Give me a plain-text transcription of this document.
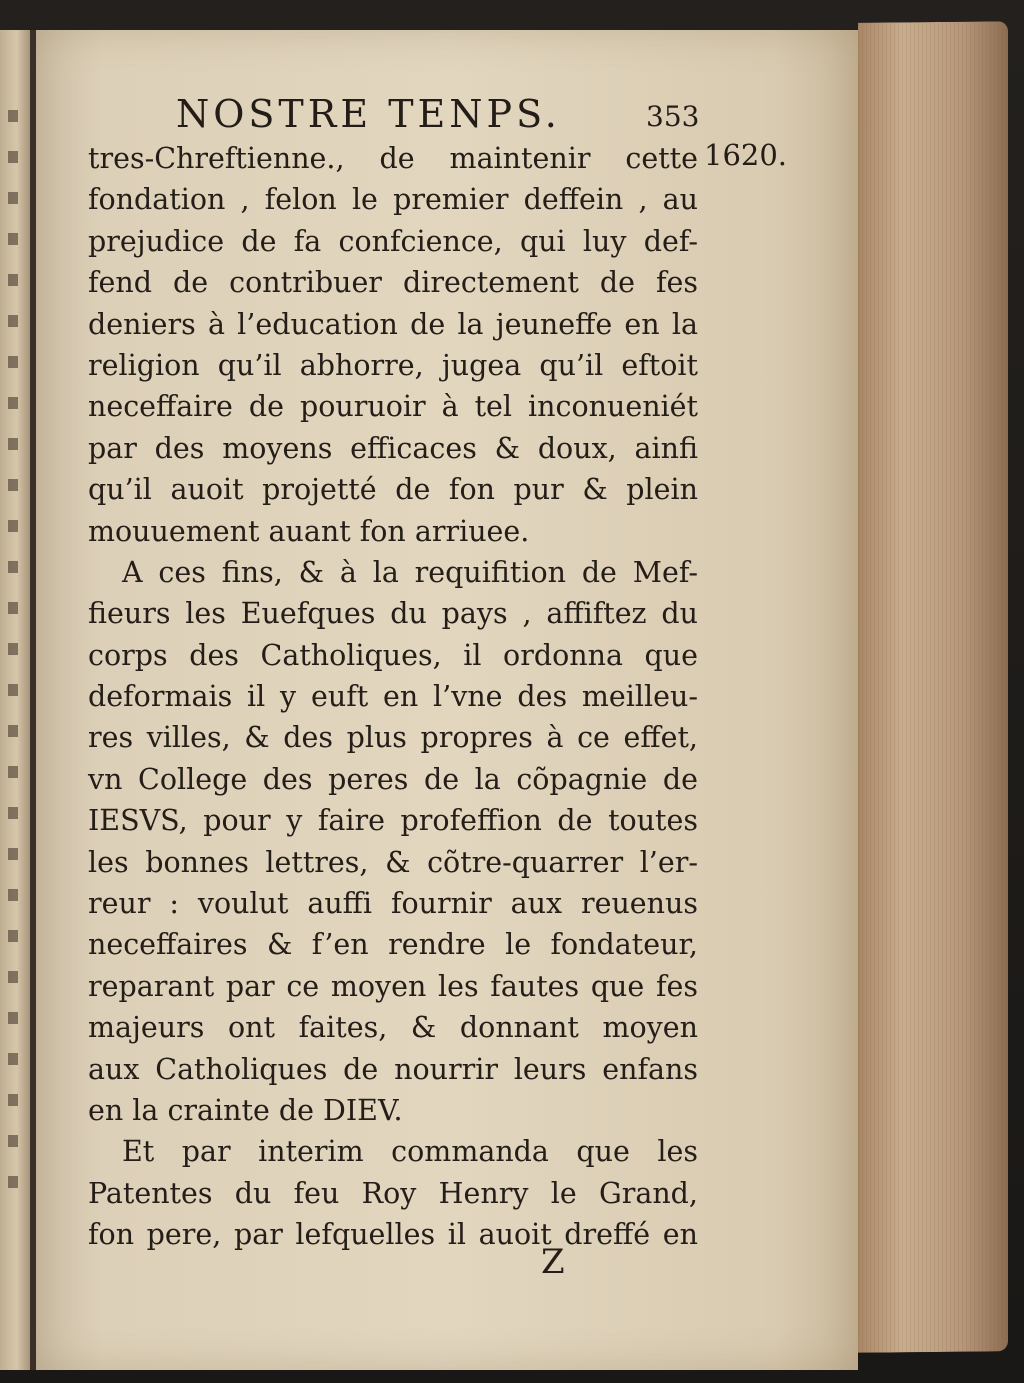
NOSTRE TENPS.	353
1620.
tres-Chreftienne., de maintenir cette
fondation , felon le premier deffein , au
prejudice de fa confcience, qui luy def-
fend de contribuer directement de fes
deniers à l’education de la jeuneffe en la
religion qu’il abhorre, jugea qu’il eftoit
neceffaire de pouruoir à tel inconueniét
par des moyens efficaces & doux, ainfi
qu’il auoit projetté de fon pur & plein
mouuement auant fon arriuee.
A ces fins, & à la requifition de Mef-
fieurs les Euefques du pays , affiftez du
corps des Catholiques, il ordonna que
deformais il y euft en l’vne des meilleu-
res villes, & des plus propres à ce effet,
vn College des peres de la cõpagnie de
IESVS, pour y faire profeffion de toutes
les bonnes lettres, & cõtre-quarrer l’er-
reur : voulut auffi fournir aux reuenus
neceffaires & f’en rendre le fondateur,
reparant par ce moyen les fautes que fes
majeurs ont faites, & donnant moyen
aux Catholiques de nourrir leurs enfans
en la crainte de DIEV.
Et par interim commanda que les
Patentes du feu Roy Henry le Grand,
fon pere, par lefquelles il auoit dreffé en
Z
